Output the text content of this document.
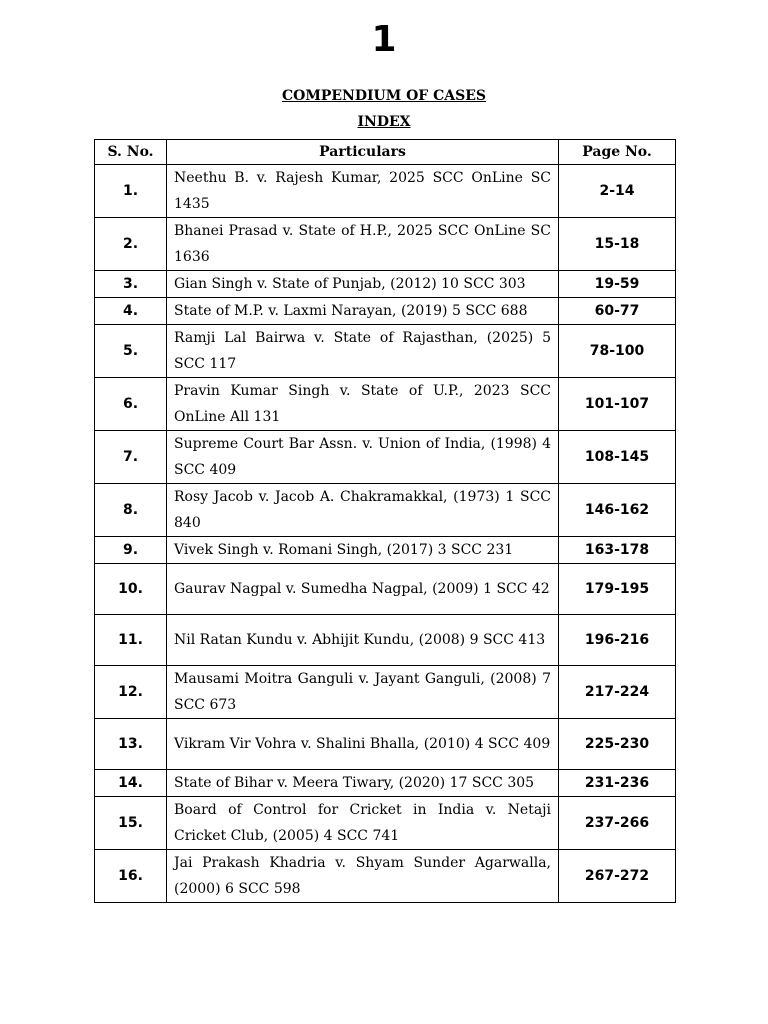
1
COMPENDIUM OF CASES
INDEX
S. No.	Particulars	Page No.
1.	Neethu B. v. Rajesh Kumar, 2025 SCC OnLine SC 1435	2-14
2.	Bhanei Prasad v. State of H.P., 2025 SCC OnLine SC 1636	15-18
3.	Gian Singh v. State of Punjab, (2012) 10 SCC 303	19-59
4.	State of M.P. v. Laxmi Narayan, (2019) 5 SCC 688	60-77
5.	Ramji Lal Bairwa v. State of Rajasthan, (2025) 5 SCC 117	78-100
6.	Pravin Kumar Singh v. State of U.P., 2023 SCC OnLine All 131	101-107
7.	Supreme Court Bar Assn. v. Union of India, (1998) 4 SCC 409	108-145
8.	Rosy Jacob v. Jacob A. Chakramakkal, (1973) 1 SCC 840	146-162
9.	Vivek Singh v. Romani Singh, (2017) 3 SCC 231	163-178
10.	Gaurav Nagpal v. Sumedha Nagpal, (2009) 1 SCC 42	179-195
11.	Nil Ratan Kundu v. Abhijit Kundu, (2008) 9 SCC 413	196-216
12.	Mausami Moitra Ganguli v. Jayant Ganguli, (2008) 7 SCC 673	217-224
13.	Vikram Vir Vohra v. Shalini Bhalla, (2010) 4 SCC 409	225-230
14.	State of Bihar v. Meera Tiwary, (2020) 17 SCC 305	231-236
15.	Board of Control for Cricket in India v. Netaji Cricket Club, (2005) 4 SCC 741	237-266
16.	Jai Prakash Khadria v. Shyam Sunder Agarwalla, (2000) 6 SCC 598	267-272
